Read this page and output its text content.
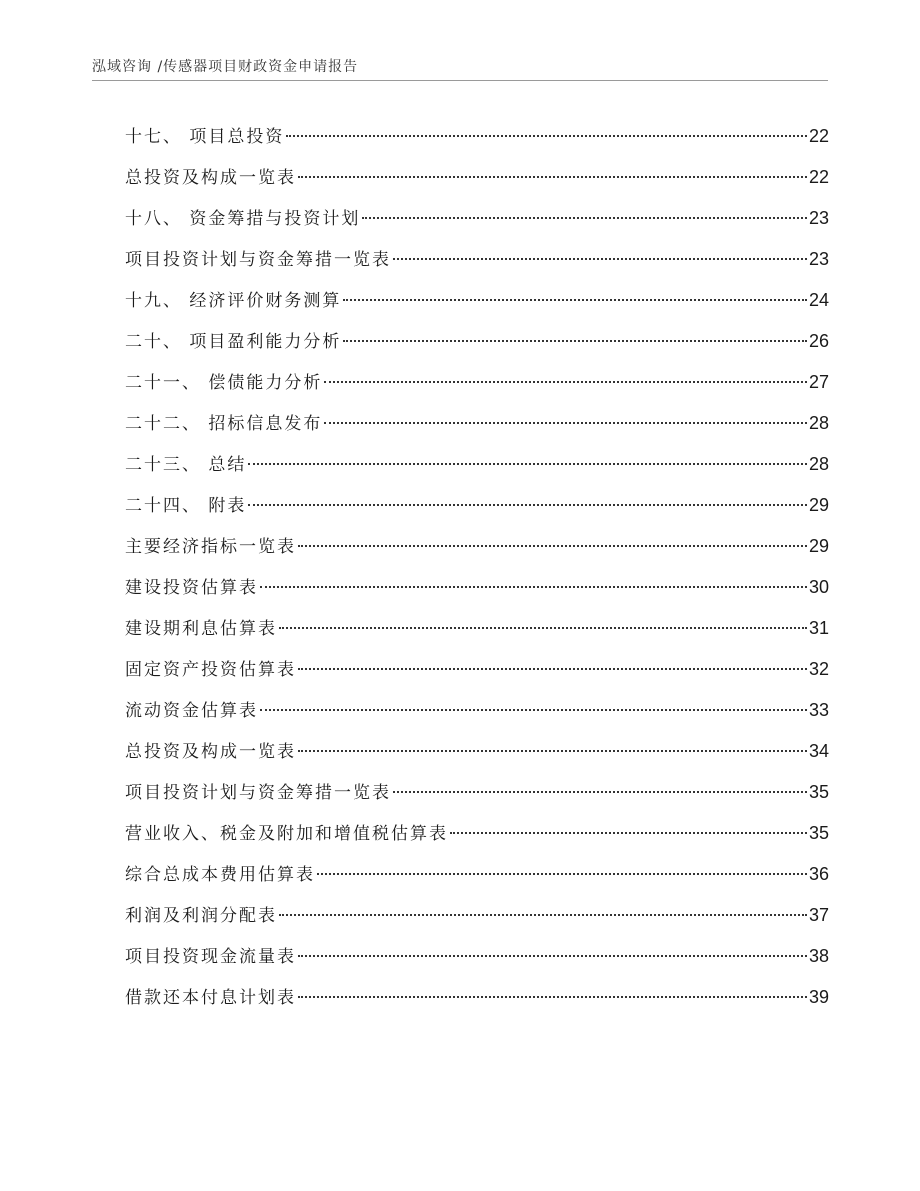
泓域咨询 /传感器项目财政资金申请报告
十七、 项目总投资	22
总投资及构成一览表	22
十八、 资金筹措与投资计划	23
项目投资计划与资金筹措一览表	23
十九、 经济评价财务测算	24
二十、 项目盈利能力分析	26
二十一、 偿债能力分析	27
二十二、 招标信息发布	28
二十三、 总结	28
二十四、 附表	29
主要经济指标一览表	29
建设投资估算表	30
建设期利息估算表	31
固定资产投资估算表	32
流动资金估算表	33
总投资及构成一览表	34
项目投资计划与资金筹措一览表	35
营业收入、税金及附加和增值税估算表	35
综合总成本费用估算表	36
利润及利润分配表	37
项目投资现金流量表	38
借款还本付息计划表	39
